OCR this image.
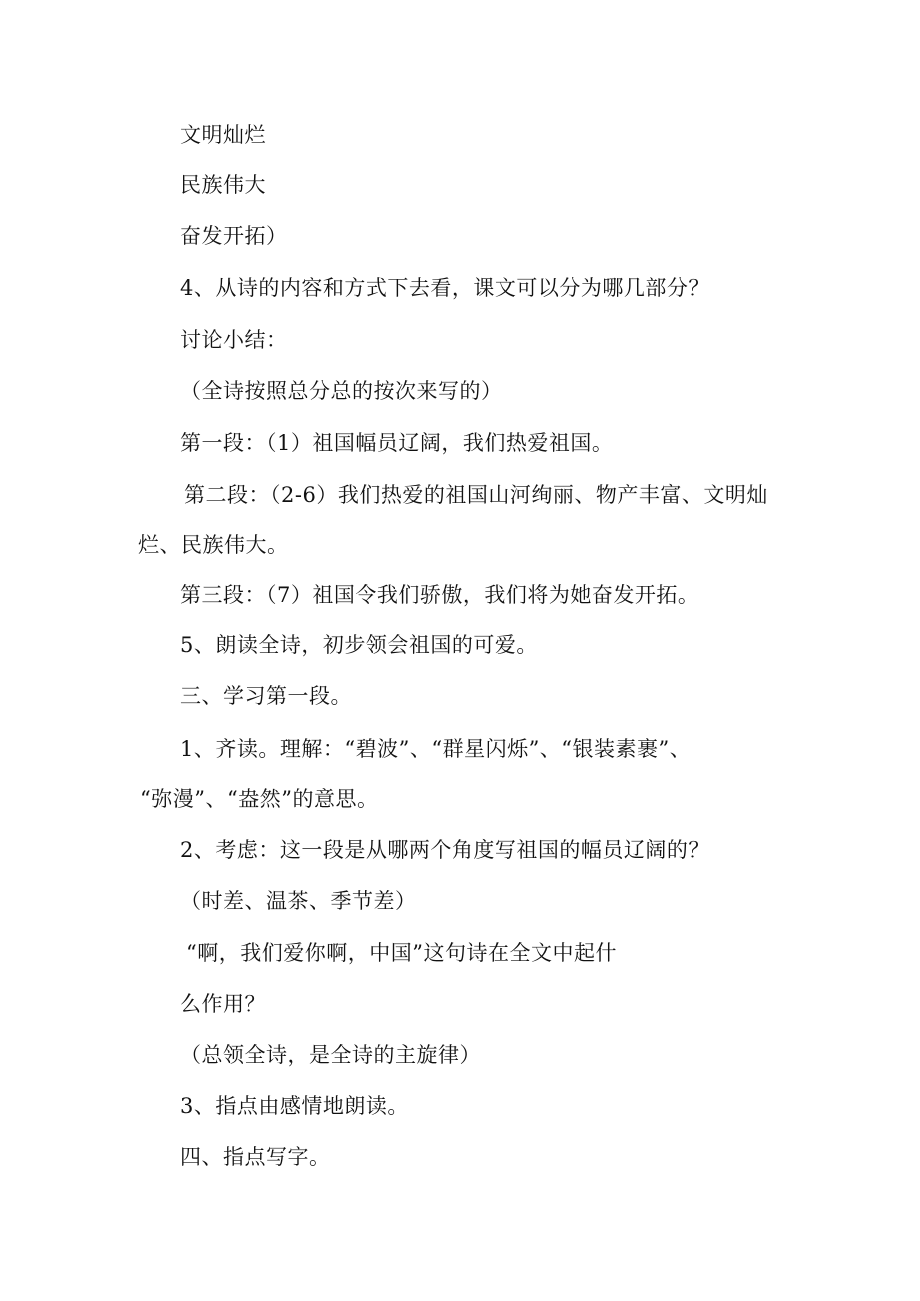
文明灿烂
民族伟大
奋发开拓）
4、从诗的内容和方式下去看，课文可以分为哪几部分？
讨论小结：
（全诗按照总分总的按次来写的）
第一段：（1）祖国幅员辽阔，我们热爱祖国。
第二段：（2-6）我们热爱的祖国山河绚丽、物产丰富、文明灿
烂、民族伟大。
第三段：（7）祖国令我们骄傲，我们将为她奋发开拓。
5、朗读全诗，初步领会祖国的可爱。
三、学习第一段。
1、齐读。理解：“碧波”、“群星闪烁”、“银装素裹”、
“弥漫”、“盎然”的意思。
2、考虑：这一段是从哪两个角度写祖国的幅员辽阔的？
（时差、温茶、季节差）
“啊，我们爱你啊，中国”这句诗在全文中起什
么作用？
（总领全诗，是全诗的主旋律）
3、指点由感情地朗读。
四、指点写字。
